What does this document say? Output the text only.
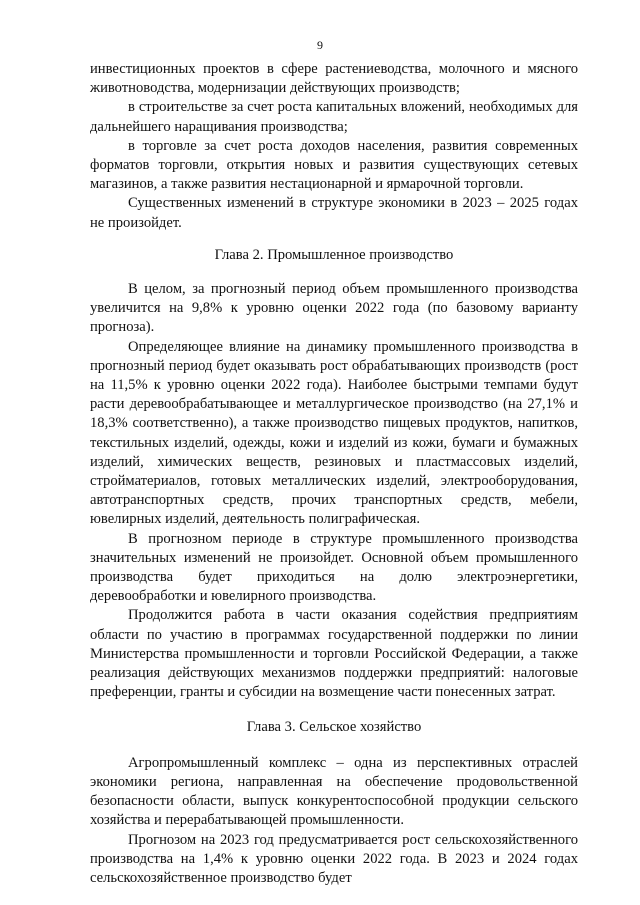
9

инвестиционных проектов в сфере растениеводства, молочного и мясного животноводства, модернизации действующих производств;

в строительстве за счет роста капитальных вложений, необходимых для дальнейшего наращивания производства;

в торговле за счет роста доходов населения, развития современных форматов торговли, открытия новых и развития существующих сетевых магазинов, а также развития нестационарной и ярмарочной торговли.

Существенных изменений в структуре экономики в 2023 – 2025 годах не произойдет.

Глава 2. Промышленное производство

В целом, за прогнозный период объем промышленного производства увеличится на 9,8% к уровню оценки 2022 года (по базовому варианту прогноза).

Определяющее влияние на динамику промышленного производства в прогнозный период будет оказывать рост обрабатывающих производств (рост на 11,5% к уровню оценки 2022 года). Наиболее быстрыми темпами будут расти деревообрабатывающее и металлургическое производство (на 27,1% и 18,3% соответственно), а также производство пищевых продуктов, напитков, текстильных изделий, одежды, кожи и изделий из кожи, бумаги и бумажных изделий, химических веществ, резиновых и пластмассовых изделий, стройматериалов, готовых металлических изделий, электрооборудования, автотранспортных средств, прочих транспортных средств, мебели, ювелирных изделий, деятельность полиграфическая.

В прогнозном периоде в структуре промышленного производства значительных изменений не произойдет. Основной объем промышленного производства будет приходиться на долю электроэнергетики, деревообработки и ювелирного производства.

Продолжится работа в части оказания содействия предприятиям области по участию в программах государственной поддержки по линии Министерства промышленности и торговли Российской Федерации, а также реализация действующих механизмов поддержки предприятий: налоговые преференции, гранты и субсидии на возмещение части понесенных затрат.

Глава 3. Сельское хозяйство

Агропромышленный комплекс – одна из перспективных отраслей экономики региона, направленная на обеспечение продовольственной безопасности области, выпуск конкурентоспособной продукции сельского хозяйства и перерабатывающей промышленности.

Прогнозом на 2023 год предусматривается рост сельскохозяйственного производства на 1,4% к уровню оценки 2022 года. В 2023 и 2024 годах сельскохозяйственное производство будет
